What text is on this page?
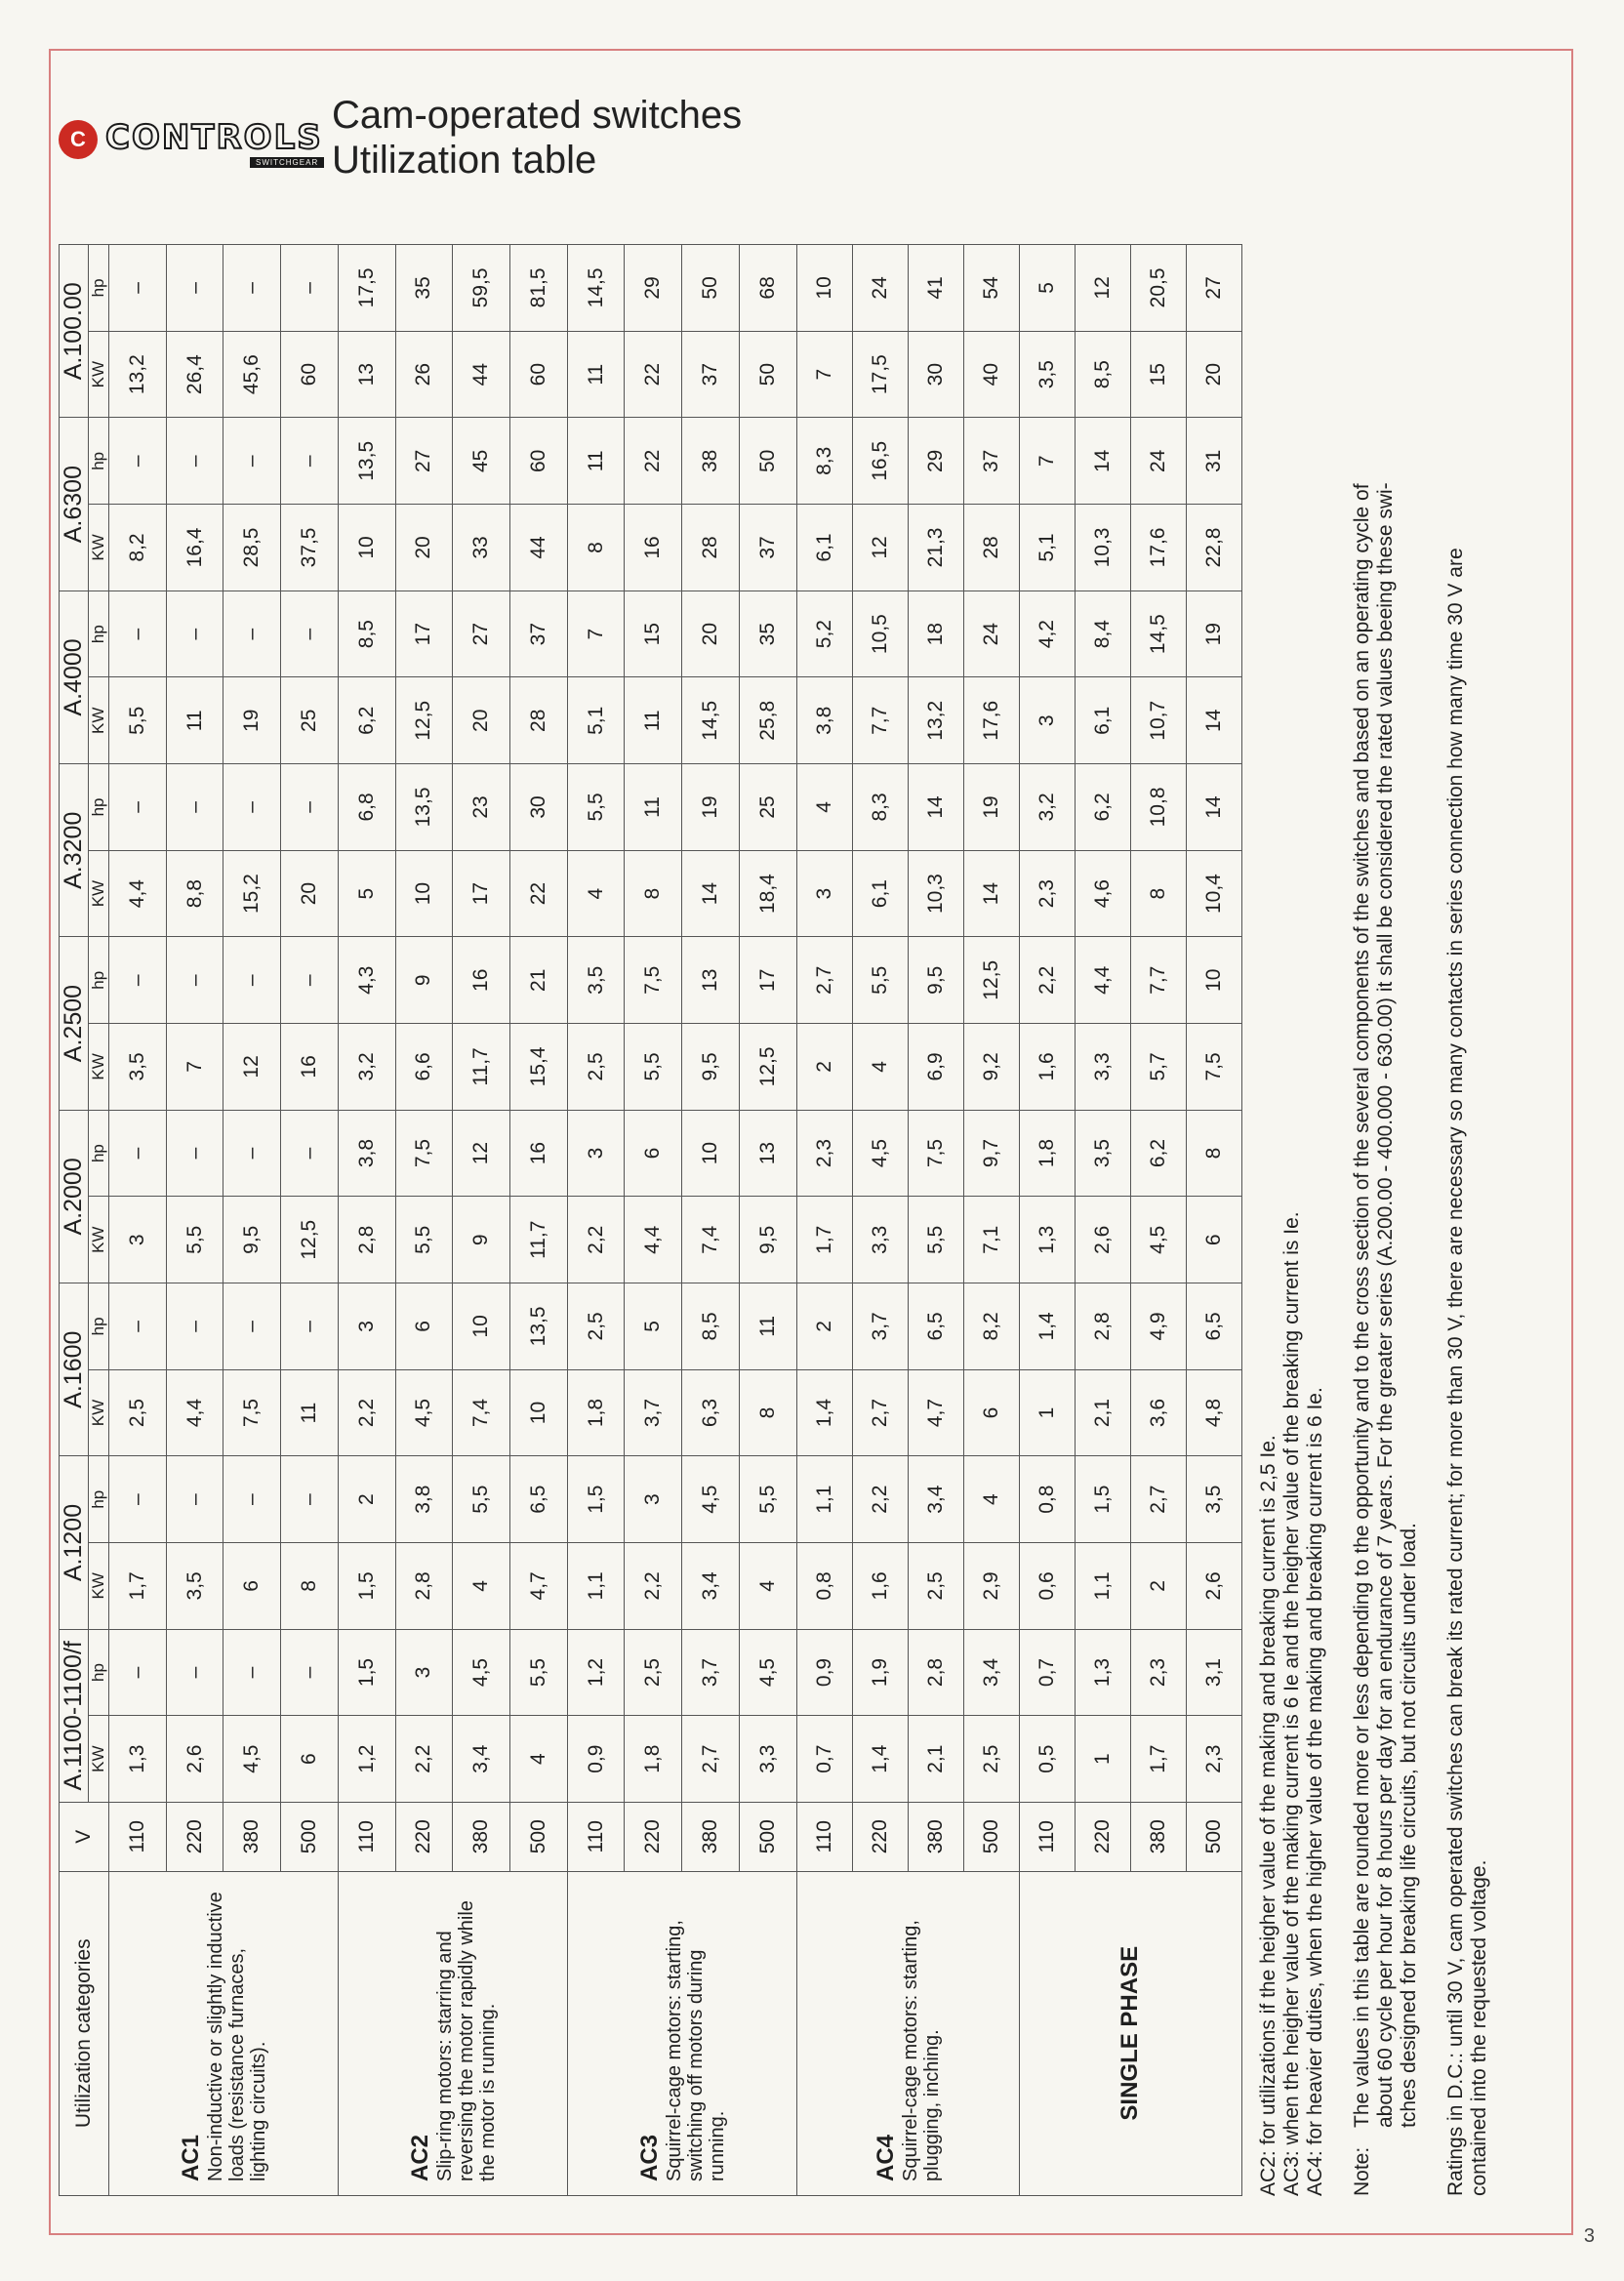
C CONTROLS
SWITCHGEAR
Cam-operated switches
Utilization table
Utilization categories	V	A.1100-1100/f		A.1200		A.1600		A.2000		A.2500		A.3200		A.4000		A.6300		A.100.00	
		KW	hp	KW	hp	KW	hp	KW	hp	KW	hp	KW	hp	KW	hp	KW	hp	KW	hp

AC1 Non-inductive or slightly inductive loads (resistance furnaces, lighting circuits).	110	1,3	–	1,7	–	2,5	–	3	–	3,5	–	4,4	–	5,5	–	8,2	–	13,2	–
	220	2,6	–	3,5	–	4,4	–	5,5	–	7	–	8,8	–	11	–	16,4	–	26,4	–
	380	4,5	–	6	–	7,5	–	9,5	–	12	–	15,2	–	19	–	28,5	–	45,6	–
	500	6	–	8	–	11	–	12,5	–	16	–	20	–	25	–	37,5	–	60	–

AC2 Slip-ring motors: starring and reversing the motor rapidly while the motor is running.	110	1,2	1,5	1,5	2	2,2	3	2,8	3,8	3,2	4,3	5	6,8	6,2	8,5	10	13,5	13	17,5
	220	2,2	3	2,8	3,8	4,5	6	5,5	7,5	6,6	9	10	13,5	12,5	17	20	27	26	35
	380	3,4	4,5	4	5,5	7,4	10	9	12	11,7	16	17	23	20	27	33	45	44	59,5
	500	4	5,5	4,7	6,5	10	13,5	11,7	16	15,4	21	22	30	28	37	44	60	60	81,5

AC3 Squirrel-cage motors: starting, switching off motors during running.	110	0,9	1,2	1,1	1,5	1,8	2,5	2,2	3	2,5	3,5	4	5,5	5,1	7	8	11	11	14,5
	220	1,8	2,5	2,2	3	3,7	5	4,4	6	5,5	7,5	8	11	11	15	16	22	22	29
	380	2,7	3,7	3,4	4,5	6,3	8,5	7,4	10	9,5	13	14	19	14,5	20	28	38	37	50
	500	3,3	4,5	4	5,5	8	11	9,5	13	12,5	17	18,4	25	25,8	35	37	50	50	68

AC4 Squirrel-cage motors: starting, plugging, inching.	110	0,7	0,9	0,8	1,1	1,4	2	1,7	2,3	2	2,7	3	4	3,8	5,2	6,1	8,3	7	10
	220	1,4	1,9	1,6	2,2	2,7	3,7	3,3	4,5	4	5,5	6,1	8,3	7,7	10,5	12	16,5	17,5	24
	380	2,1	2,8	2,5	3,4	4,7	6,5	5,5	7,5	6,9	9,5	10,3	14	13,2	18	21,3	29	30	41
	500	2,5	3,4	2,9	4	6	8,2	7,1	9,7	9,2	12,5	14	19	17,6	24	28	37	40	54

SINGLE PHASE	110	0,5	0,7	0,6	0,8	1	1,4	1,3	1,8	1,6	2,2	2,3	3,2	3	4,2	5,1	7	3,5	5
	220	1	1,3	1,1	1,5	2,1	2,8	2,6	3,5	3,3	4,4	4,6	6,2	6,1	8,4	10,3	14	8,5	12
	380	1,7	2,3	2	2,7	3,6	4,9	4,5	6,2	5,7	7,7	8	10,8	10,7	14,5	17,6	24	15	20,5
	500	2,3	3,1	2,6	3,5	4,8	6,5	6	8	7,5	10	10,4	14	14	19	22,8	31	20	27
AC2: for utilizations if the heigher value of the making and breaking current is 2,5 Ie. AC3: when the heigher value of the making current is 6 Ie and the heigher value of the breaking current is Ie. AC4: for heavier duties, when the higher value of the making and breaking current is 6 Ie. Note:
The values in this table are rounded more or less depending to the opportunity and to the cross section of the several components of the switches and based on an operating cycle of about 60 cycle per hour for 8 hours per day for an endurance of 7 years. For the greater series (A.200.00 - 400.000 - 630.00) it shall be considered the rated values beeing these swi- tches designed for breaking life circuits, but not circuits under load. Ratings in D.C.: until 30 V, cam operated switches can break its rated current; for more than 30 V, there are necessary so many contacts in series connection how many time 30 V are contained into the requested voltage.
3
